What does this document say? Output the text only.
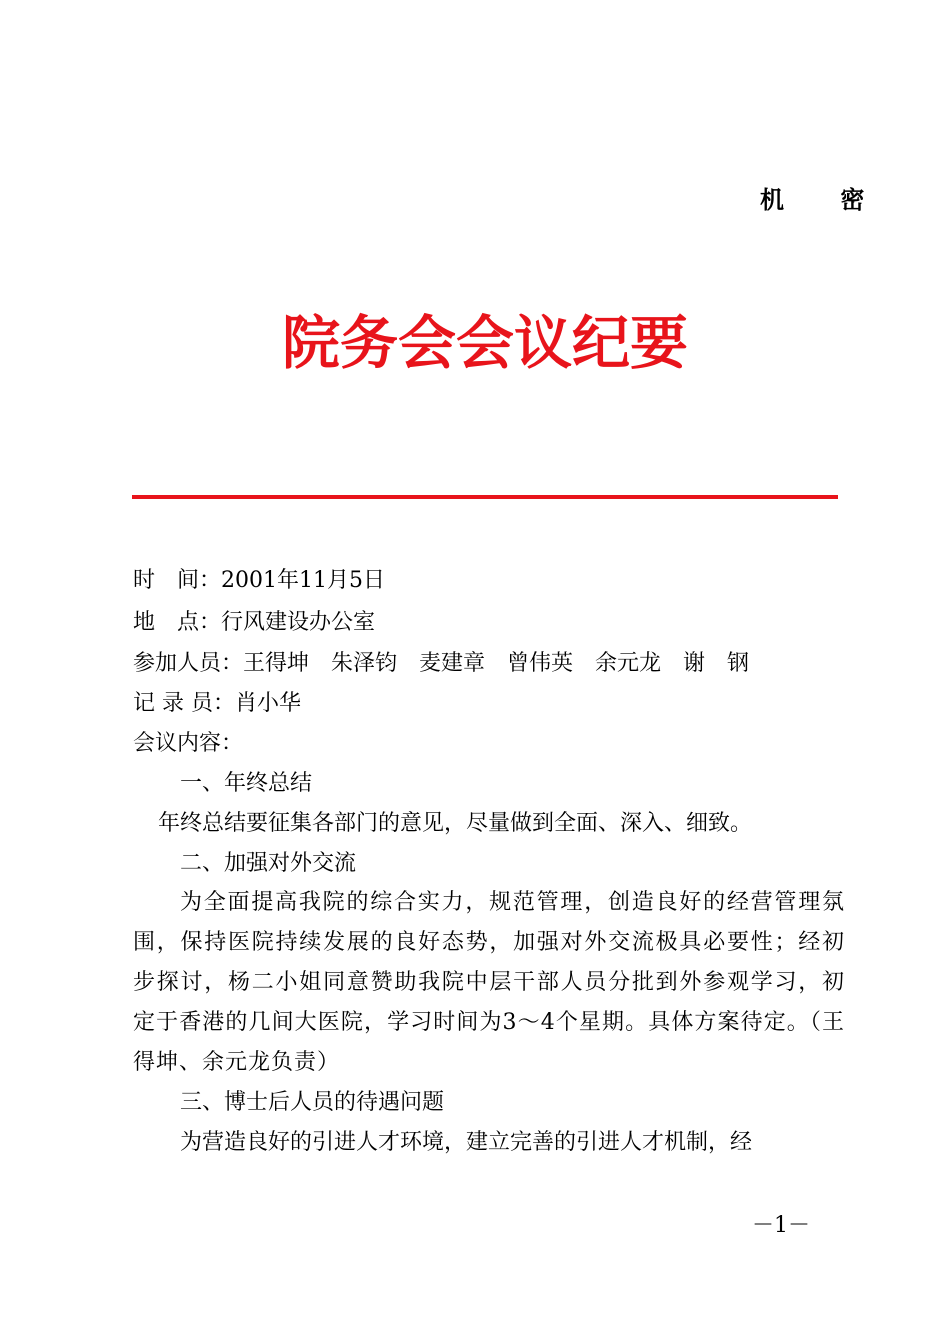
机 密
院务会会议纪要
时　间：2001年11月5日
地　点：行风建设办公室
参加人员：王得坤　朱泽钧　麦建章　曾伟英　余元龙　谢　钢
记 录 员：肖小华
会议内容：
一、年终总结
年终总结要征集各部门的意见，尽量做到全面、深入、细致。
二、加强对外交流
为全面提高我院的综合实力，规范管理，创造良好的经营管理氛围，保持医院持续发展的良好态势，加强对外交流极具必要性；经初步探讨，杨二小姐同意赞助我院中层干部人员分批到外参观学习，初定于香港的几间大医院，学习时间为3～4个星期。具体方案待定。（王得坤、余元龙负责）
三、博士后人员的待遇问题
为营造良好的引进人才环境，建立完善的引进人才机制，经
－1－
